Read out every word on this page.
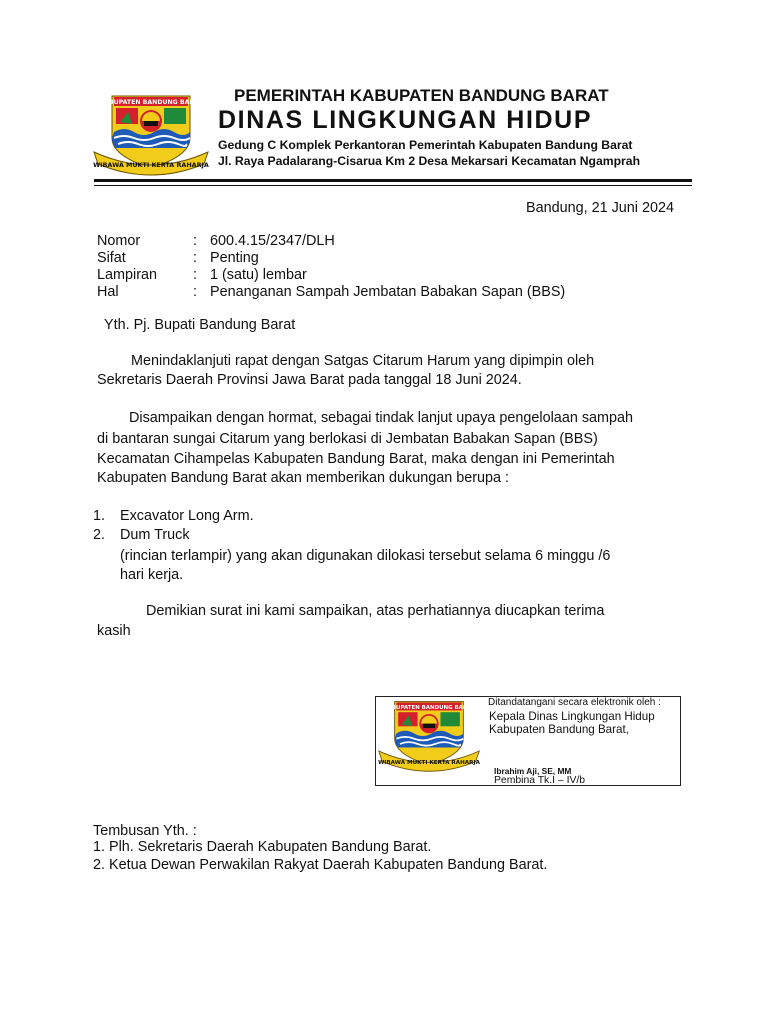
KABUPATEN BANDUNG BARAT
WIBAWA MUKTI KERTA RAHARJA
PEMERINTAH KABUPATEN BANDUNG BARAT
DINAS LINGKUNGAN HIDUP
Gedung C Komplek Perkantoran Pemerintah Kabupaten Bandung Barat
Jl. Raya Padalarang-Cisarua Km 2 Desa Mekarsari Kecamatan Ngamprah
Bandung, 21 Juni 2024
Nomor	: 600.4.15/2347/DLH
Sifat	: Penting
Lampiran	: 1 (satu) lembar
Hal	: Penanganan Sampah Jembatan Babakan Sapan (BBS)
Yth. Pj. Bupati Bandung Barat
Menindaklanjuti rapat dengan Satgas Citarum Harum yang dipimpin oleh
Sekretaris Daerah Provinsi Jawa Barat pada tanggal 18 Juni 2024.
Disampaikan dengan hormat, sebagai tindak lanjut upaya pengelolaan sampah
di bantaran sungai Citarum yang berlokasi di Jembatan Babakan Sapan (BBS)
Kecamatan Cihampelas Kabupaten Bandung Barat, maka dengan ini Pemerintah
Kabupaten Bandung Barat akan memberikan dukungan berupa :
1. Excavator Long Arm.
2. Dum Truck
(rincian terlampir) yang akan digunakan dilokasi tersebut selama 6 minggu /6
hari kerja.
Demikian surat ini kami sampaikan, atas perhatiannya diucapkan terima
kasih
KABUPATEN BANDUNG BARAT
WIBAWA MUKTI KERTA RAHARJA
Ditandatangani secara elektronik oleh :
Kepala Dinas Lingkungan Hidup
Kabupaten Bandung Barat,
Ibrahim Aji, SE, MM
Pembina Tk.I – IV/b
Tembusan Yth. :
1. Plh. Sekretaris Daerah Kabupaten Bandung Barat.
2. Ketua Dewan Perwakilan Rakyat Daerah Kabupaten Bandung Barat.
